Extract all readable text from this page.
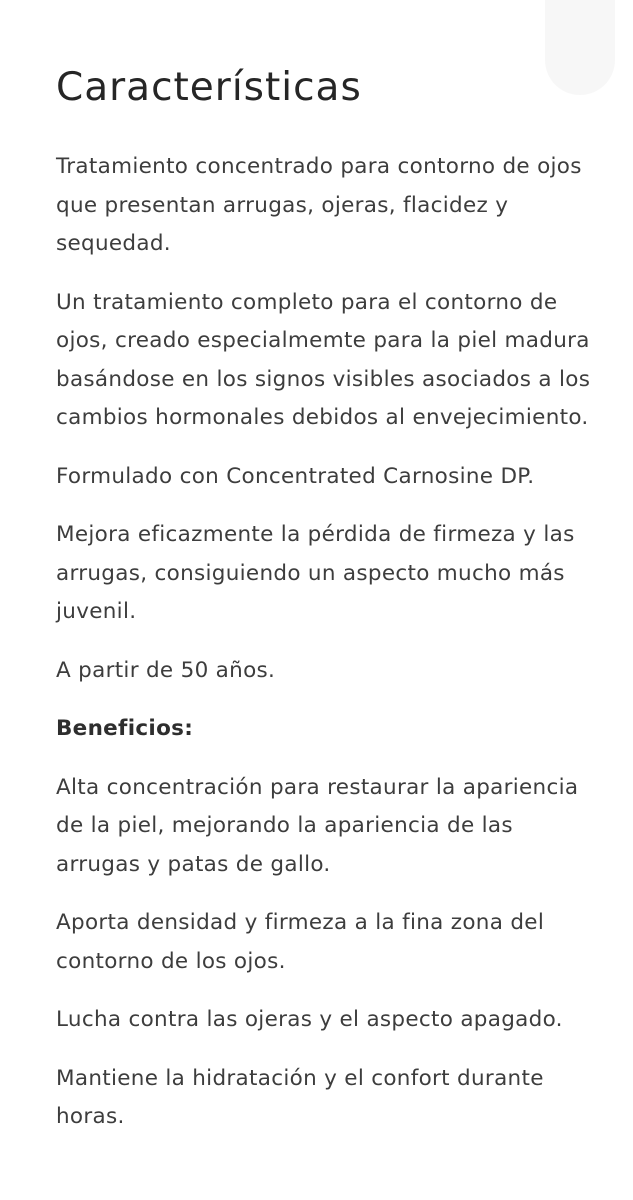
Características

Tratamiento concentrado para contorno de ojos que presentan arrugas, ojeras, flacidez y sequedad.

Un tratamiento completo para el contorno de ojos, creado especialmemte para la piel madura basándose en los signos visibles asociados a los cambios hormonales debidos al envejecimiento.

Formulado con Concentrated Carnosine DP.

Mejora eficazmente la pérdida de firmeza y las arrugas, consiguiendo un aspecto mucho más juvenil.

A partir de 50 años.

Beneficios:

Alta concentración para restaurar la apariencia de la piel, mejorando la apariencia de las arrugas y patas de gallo.

Aporta densidad y firmeza a la fina zona del contorno de los ojos.

Lucha contra las ojeras y el aspecto apagado.

Mantiene la hidratación y el confort durante horas.
